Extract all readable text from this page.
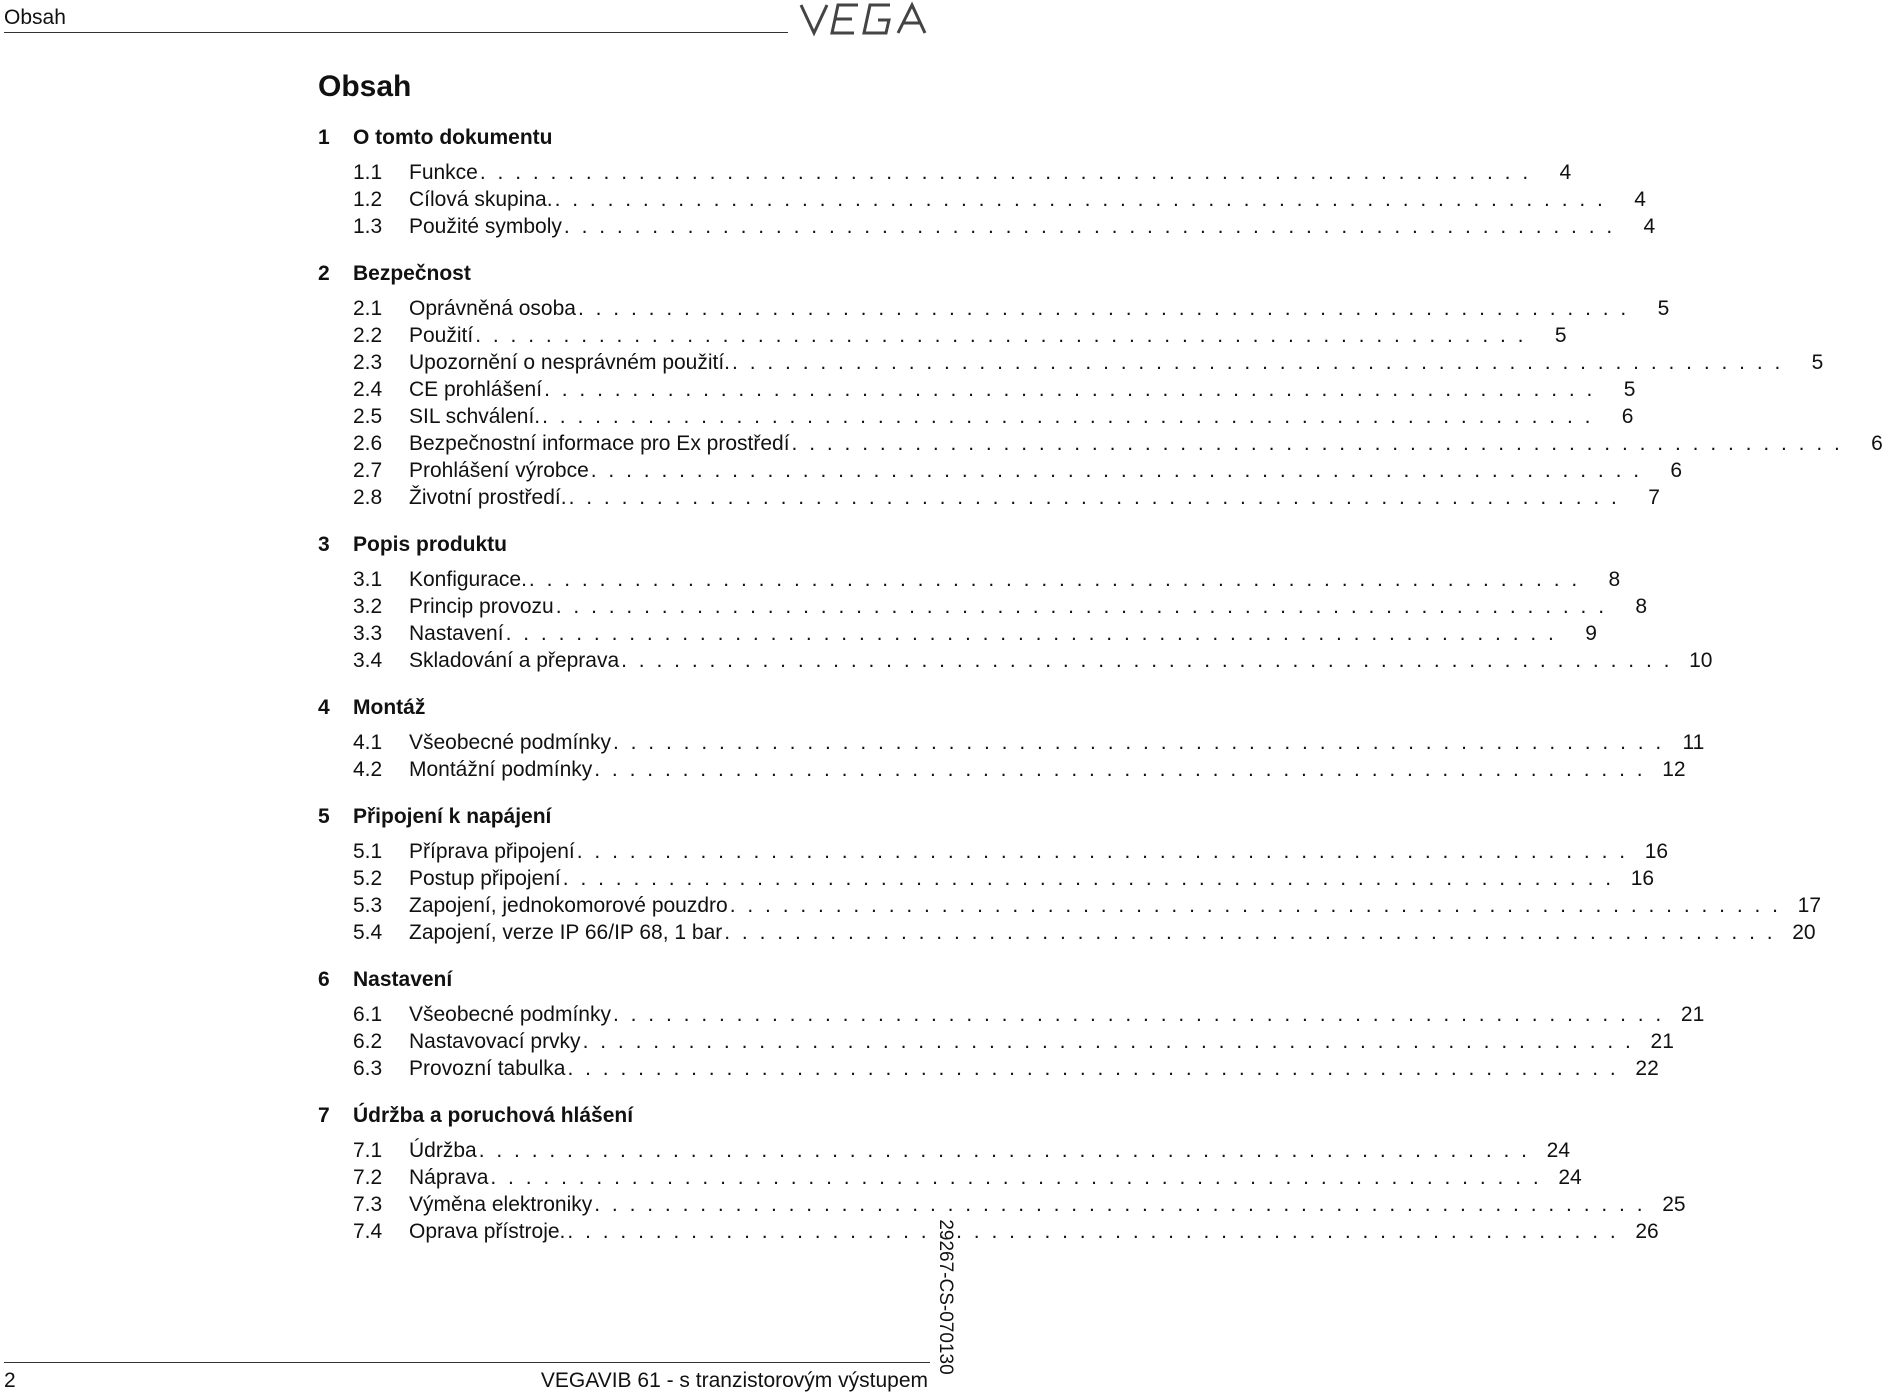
Obsah
Obsah
1	O tomto dokumentu
1.1	Funkce . . . . . . . . . . . . . . . . . . . . . . . . . . . . . . . . . . . . . . . . . . . . . . . . . . . . . . . . . . . .	4
1.2	Cílová skupina. . . . . . . . . . . . . . . . . . . . . . . . . . . . . . . . . . . . . . . . . . . . . . . . . . . . . . . . . . . . .	4
1.3	Použité symboly . . . . . . . . . . . . . . . . . . . . . . . . . . . . . . . . . . . . . . . . . . . . . . . . . . . . . . . . . . . .	4
2	Bezpečnost
2.1	Oprávněná osoba . . . . . . . . . . . . . . . . . . . . . . . . . . . . . . . . . . . . . . . . . . . . . . . . . . . . . . . . . . . .	5
2.2	Použití . . . . . . . . . . . . . . . . . . . . . . . . . . . . . . . . . . . . . . . . . . . . . . . . . . . . . . . . . . . .	5
2.3	Upozornění o nesprávném použití. . . . . . . . . . . . . . . . . . . . . . . . . . . . . . . . . . . . . . . . . . . . . . . . . . . . . . . . . . . . .	5
2.4	CE prohlášení . . . . . . . . . . . . . . . . . . . . . . . . . . . . . . . . . . . . . . . . . . . . . . . . . . . . . . . . . . . .	5
2.5	SIL schválení. . . . . . . . . . . . . . . . . . . . . . . . . . . . . . . . . . . . . . . . . . . . . . . . . . . . . . . . . . . . .	6
2.6	Bezpečnostní informace pro Ex prostředí . . . . . . . . . . . . . . . . . . . . . . . . . . . . . . . . . . . . . . . . . . . . . . . . . . . . . . . . . . . .	6
2.7	Prohlášení výrobce . . . . . . . . . . . . . . . . . . . . . . . . . . . . . . . . . . . . . . . . . . . . . . . . . . . . . . . . . . . .	6
2.8	Životní prostředí. . . . . . . . . . . . . . . . . . . . . . . . . . . . . . . . . . . . . . . . . . . . . . . . . . . . . . . . . . . . .	7
3	Popis produktu
3.1	Konfigurace. . . . . . . . . . . . . . . . . . . . . . . . . . . . . . . . . . . . . . . . . . . . . . . . . . . . . . . . . . . . .	8
3.2	Princip provozu . . . . . . . . . . . . . . . . . . . . . . . . . . . . . . . . . . . . . . . . . . . . . . . . . . . . . . . . . . . .	8
3.3	Nastavení . . . . . . . . . . . . . . . . . . . . . . . . . . . . . . . . . . . . . . . . . . . . . . . . . . . . . . . . . . . .	9
3.4	Skladování a přeprava . . . . . . . . . . . . . . . . . . . . . . . . . . . . . . . . . . . . . . . . . . . . . . . . . . . . . . . . . . . . 10
4	Montáž
4.1	Všeobecné podmínky . . . . . . . . . . . . . . . . . . . . . . . . . . . . . . . . . . . . . . . . . . . . . . . . . . . . . . . . . . . . 11
4.2	Montážní podmínky . . . . . . . . . . . . . . . . . . . . . . . . . . . . . . . . . . . . . . . . . . . . . . . . . . . . . . . . . . . . 12
5	Připojení k napájení
5.1	Příprava připojení . . . . . . . . . . . . . . . . . . . . . . . . . . . . . . . . . . . . . . . . . . . . . . . . . . . . . . . . . . . . 16
5.2	Postup připojení . . . . . . . . . . . . . . . . . . . . . . . . . . . . . . . . . . . . . . . . . . . . . . . . . . . . . . . . . . . . 16
5.3	Zapojení, jednokomorové pouzdro . . . . . . . . . . . . . . . . . . . . . . . . . . . . . . . . . . . . . . . . . . . . . . . . . . . . . . . . . . . . 17
5.4	Zapojení, verze IP 66/IP 68, 1 bar . . . . . . . . . . . . . . . . . . . . . . . . . . . . . . . . . . . . . . . . . . . . . . . . . . . . . . . . . . . . 20
6	Nastavení
6.1	Všeobecné podmínky . . . . . . . . . . . . . . . . . . . . . . . . . . . . . . . . . . . . . . . . . . . . . . . . . . . . . . . . . . . . 21
6.2	Nastavovací prvky . . . . . . . . . . . . . . . . . . . . . . . . . . . . . . . . . . . . . . . . . . . . . . . . . . . . . . . . . . . . 21
6.3	Provozní tabulka . . . . . . . . . . . . . . . . . . . . . . . . . . . . . . . . . . . . . . . . . . . . . . . . . . . . . . . . . . . . 22
7	Údržba a poruchová hlášení
7.1	Údržba . . . . . . . . . . . . . . . . . . . . . . . . . . . . . . . . . . . . . . . . . . . . . . . . . . . . . . . . . . . . 24
7.2	Náprava . . . . . . . . . . . . . . . . . . . . . . . . . . . . . . . . . . . . . . . . . . . . . . . . . . . . . . . . . . . . 24
7.3	Výměna elektroniky . . . . . . . . . . . . . . . . . . . . . . . . . . . . . . . . . . . . . . . . . . . . . . . . . . . . . . . . . . . . 25
7.4	Oprava přístroje. . . . . . . . . . . . . . . . . . . . . . . . . . . . . . . . . . . . . . . . . . . . . . . . . . . . . . . . . . . . . 26
29267-CS-070130
2	VEGAVIB 61 - s tranzistorovým výstupem
